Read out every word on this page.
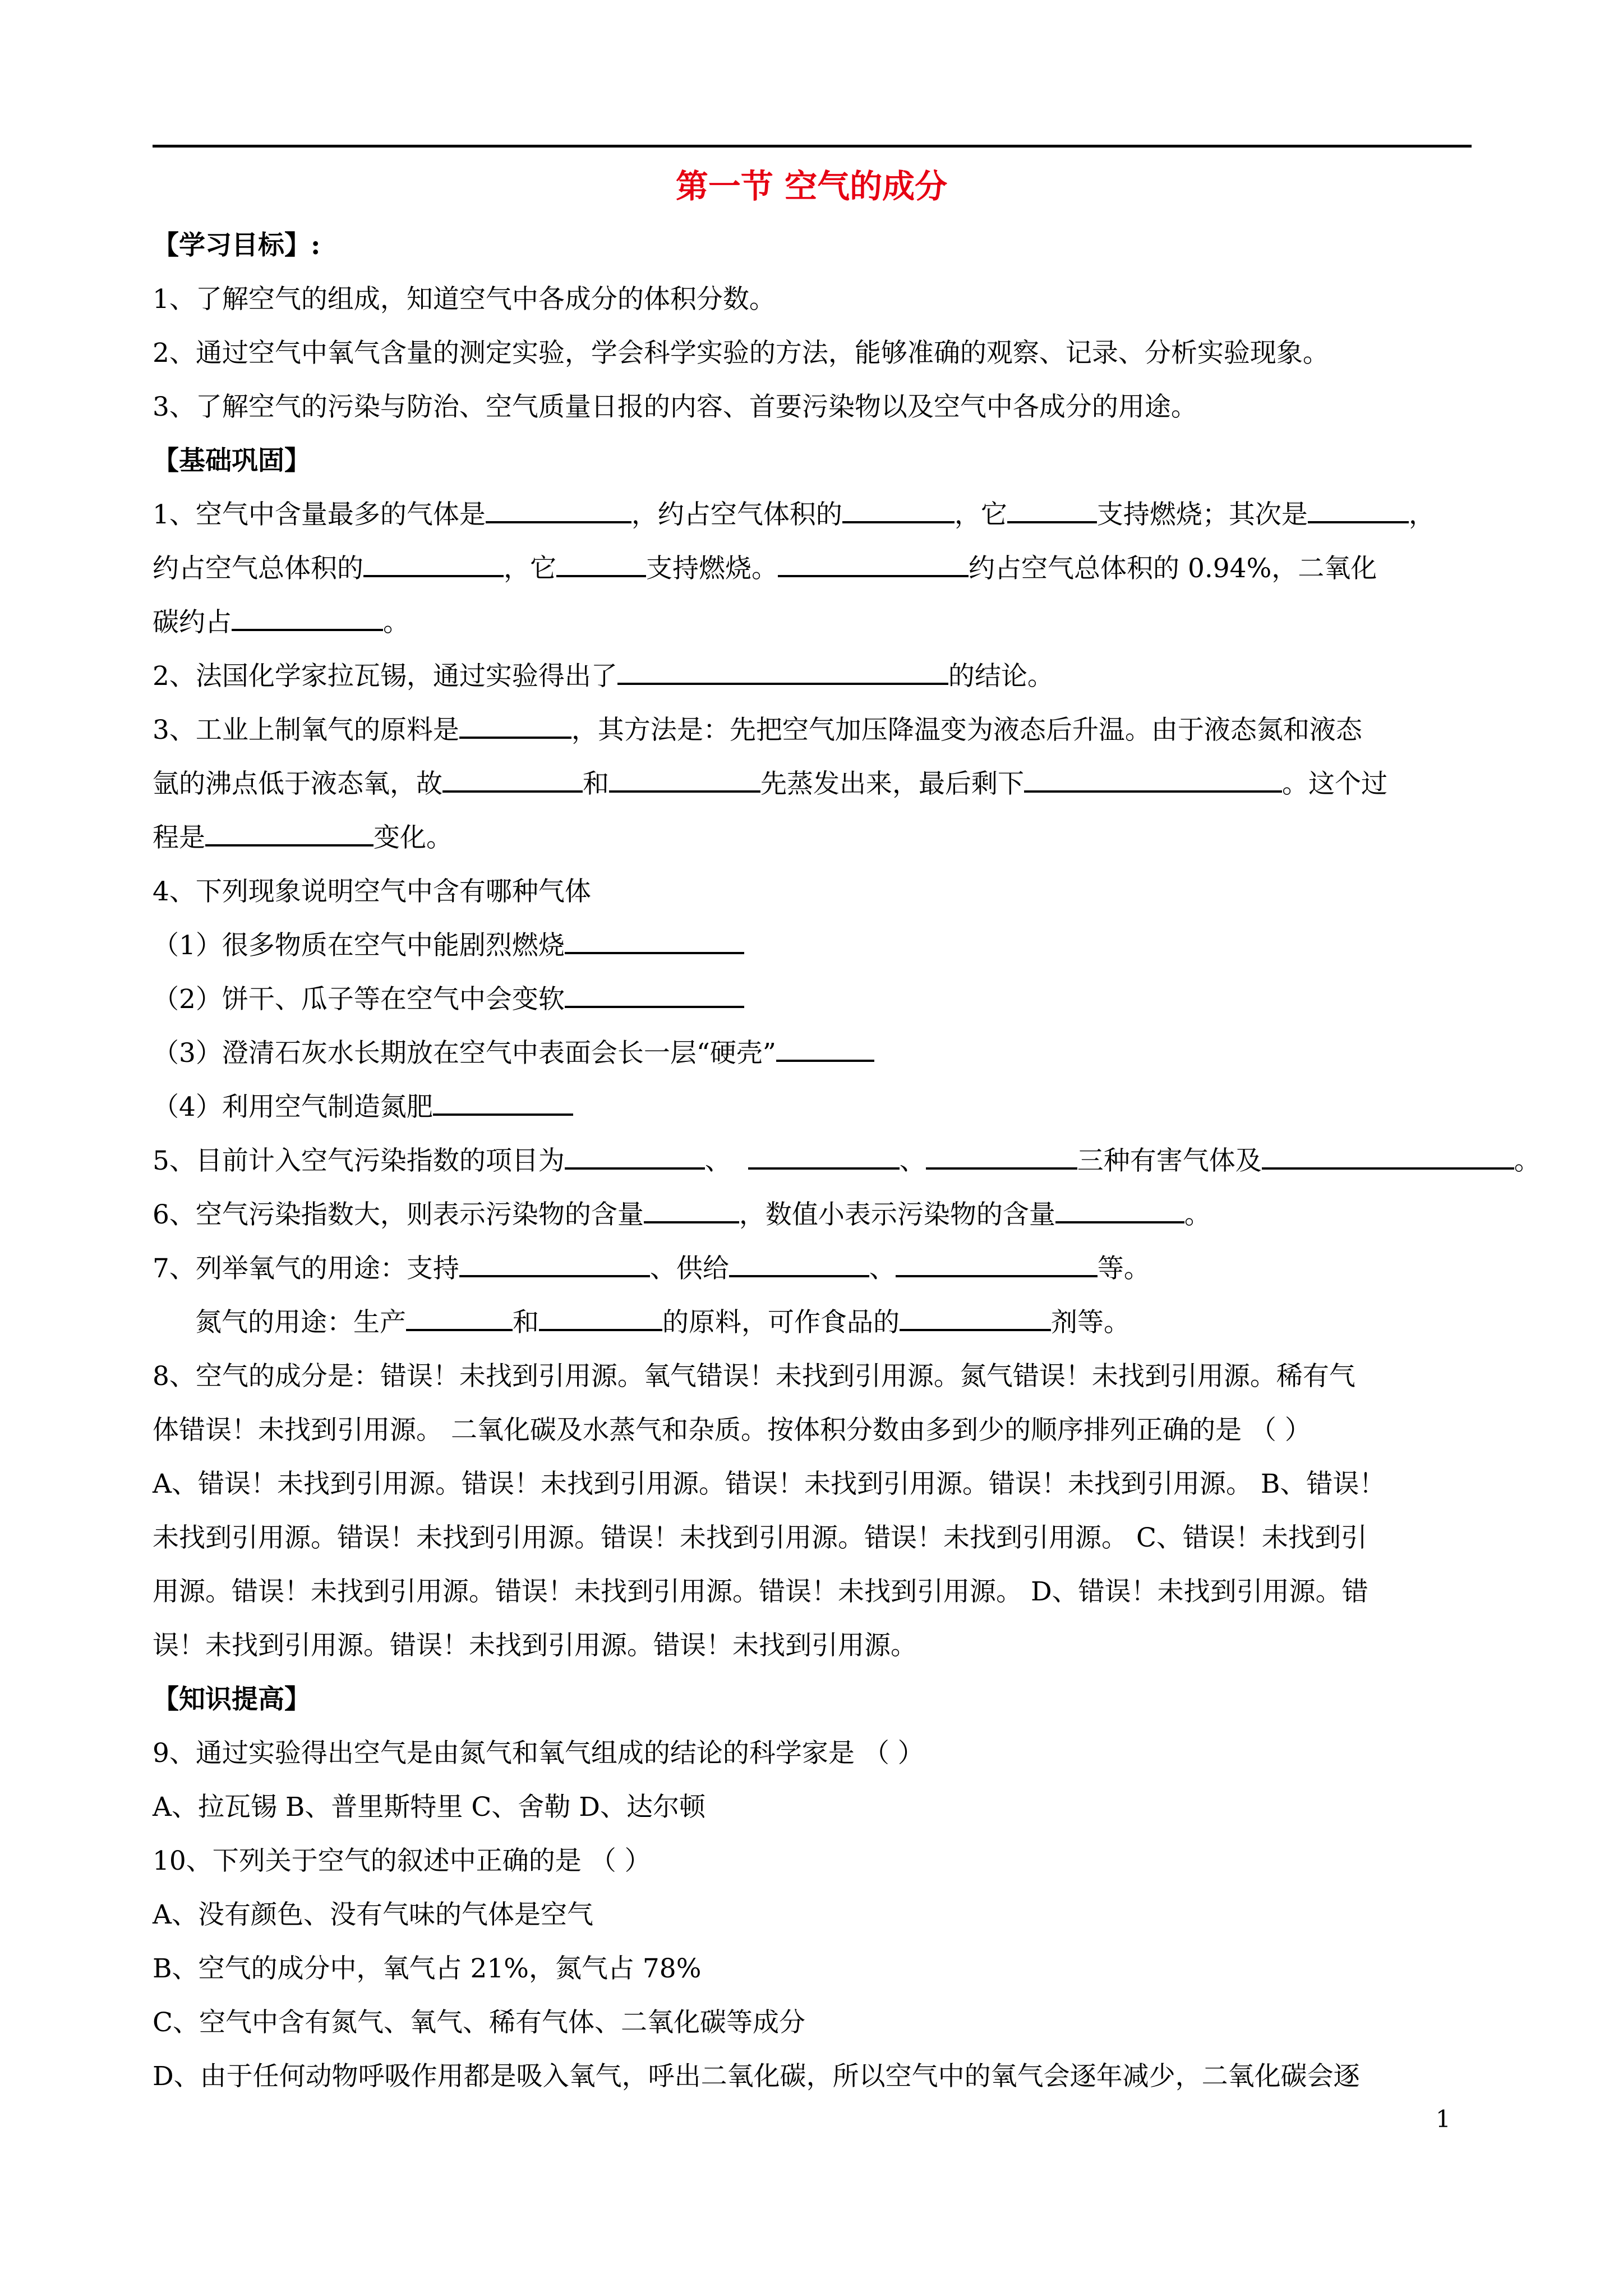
第一节 空气的成分
【学习目标】:
1、了解空气的组成，知道空气中各成分的体积分数。
2、通过空气中氧气含量的测定实验，学会科学实验的方法，能够准确的观察、记录、分析实验现象。
3、了解空气的污染与防治、空气质量日报的内容、首要污染物以及空气中各成分的用途。
【基础巩固】
1、空气中含量最多的气体是	，约占空气体积的	，它	支持燃烧；其次是	，
约占空气总体积的	，它	支持燃烧。	约占空气总体积的 0.94%，二氧化
碳约占	。
2、法国化学家拉瓦锡，通过实验得出了	的结论。
3、工业上制氧气的原料是	，其方法是：先把空气加压降温变为液态后升温。由于液态氮和液态
氩的沸点低于液态氧，故	和	先蒸发出来，最后剩下	。这个过
程是	变化。
4、下列现象说明空气中含有哪种气体
（1）很多物质在空气中能剧烈燃烧
（2）饼干、瓜子等在空气中会变软
（3）澄清石灰水长期放在空气中表面会长一层“硬壳”
（4）利用空气制造氮肥
5、目前计入空气污染指数的项目为	、	、	三种有害气体及	。
6、空气污染指数大，则表示污染物的含量	，数值小表示污染物的含量	。
7、列举氧气的用途：支持	、供给	、	等。
氮气的用途：生产	和	的原料，可作食品的	剂等。
8、空气的成分是：错误！未找到引用源。氧气错误！未找到引用源。氮气错误！未找到引用源。稀有气
体错误！未找到引用源。 二氧化碳及水蒸气和杂质。按体积分数由多到少的顺序排列正确的是 （ ）
A、错误！未找到引用源。错误！未找到引用源。错误！未找到引用源。错误！未找到引用源。 B、错误！
未找到引用源。错误！未找到引用源。错误！未找到引用源。错误！未找到引用源。 C、错误！未找到引
用源。错误！未找到引用源。错误！未找到引用源。错误！未找到引用源。 D、错误！未找到引用源。错
误！未找到引用源。错误！未找到引用源。错误！未找到引用源。
【知识提高】
9、通过实验得出空气是由氮气和氧气组成的结论的科学家是 （ ）
A、拉瓦锡 B、普里斯特里 C、舍勒 D、达尔顿
10、下列关于空气的叙述中正确的是 （ ）
A、没有颜色、没有气味的气体是空气
B、空气的成分中，氧气占 21%，氮气占 78%
C、空气中含有氮气、氧气、稀有气体、二氧化碳等成分
D、由于任何动物呼吸作用都是吸入氧气，呼出二氧化碳，所以空气中的氧气会逐年减少，二氧化碳会逐
1
